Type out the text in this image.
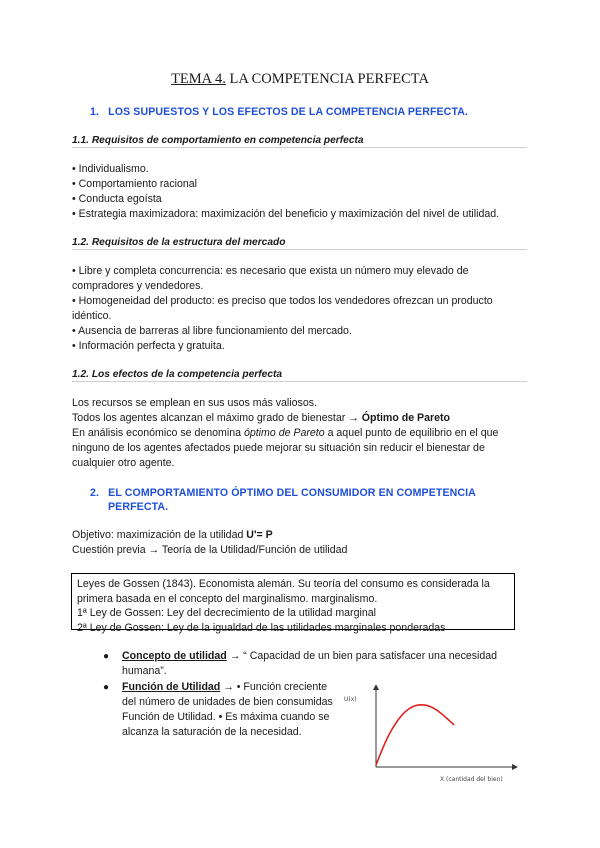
TEMA 4. LA COMPETENCIA PERFECTA
1.   LOS SUPUESTOS Y LOS EFECTOS DE LA COMPETENCIA PERFECTA.
1.1. Requisitos de comportamiento en competencia perfecta
• Individualismo.
• Comportamiento racional
• Conducta egoísta
• Estrategia maximizadora: maximización del beneficio y maximización del nivel de utilidad.
1.2. Requisitos de la estructura del mercado
• Libre y completa concurrencia: es necesario que exista un número muy elevado de
compradores y vendedores.
• Homogeneidad del producto: es preciso que todos los vendedores ofrezcan un producto
idéntico.
• Ausencia de barreras al libre funcionamiento del mercado.
• Información perfecta y gratuita.
1.2. Los efectos de la competencia perfecta
Los recursos se emplean en sus usos más valiosos.
Todos los agentes alcanzan el máximo grado de bienestar → Óptimo de Pareto
En análisis económico se denomina óptimo de Pareto a aquel punto de equilibrio en el que
ninguno de los agentes afectados puede mejorar su situación sin reducir el bienestar de
cualquier otro agente.
2.   EL COMPORTAMIENTO ÓPTIMO DEL CONSUMIDOR EN COMPETENCIA
PERFECTA.
Objetivo: maximización de la utilidad U'= P
Cuestión previa → Teoría de la Utilidad/Función de utilidad
Leyes de Gossen (1843). Economista alemán. Su teoría del consumo es considerada la
primera basada en el concepto del marginalismo. marginalismo.
1ª Ley de Gossen: Ley del decrecimiento de la utilidad marginal
2ª Ley de Gossen: Ley de la igualdad de las utilidades marginales ponderadas
●	Concepto de utilidad → “ Capacidad de un bien para satisfacer una necesidad
humana”.
●	Función de Utilidad → • Función creciente
del número de unidades de bien consumidas
Función de Utilidad. • Es máxima cuando se
alcanza la saturación de la necesidad.
U(x)
X (cantidad del bien)
